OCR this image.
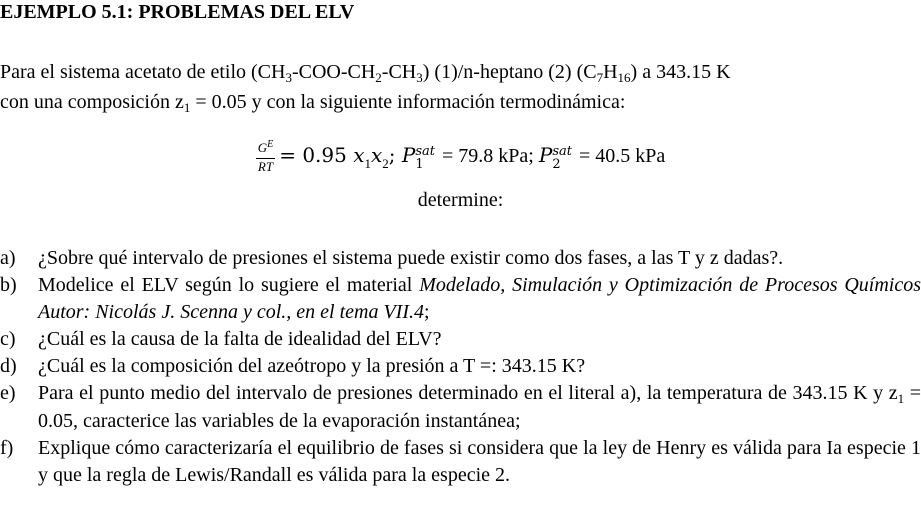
EJEMPLO 5.1: PROBLEMAS DEL ELV
Para el sistema acetato de etilo $(CH_3-COO-CH_2-CH_3)$ (1)/n-heptano (2) $(C_7H_{16})$ a 343.15 K
con una composición $z_1 = 0.05$ y con la siguiente información termodinámica:
$\frac{G^E}{RT} = 0.95$ $x_1x_2$; P sat
1 = 79.8 kPa; P sat
2 = 40.5 kPa
determine:
a) ¿Sobre qué intervalo de presiones el sistema puede existir como dos fases, a las T y z dadas?.
b) Modelice el ELV según lo sugiere el material Modelado, Simulación y Optimización de Procesos Químicos Autor: Nicolás J. Scenna y col., en el tema VII.4;
c) ¿Cuál es la causa de la falta de idealidad del ELV?
d) ¿Cuál es la composición del azeótropo y la presión a T =: 343.15 K?
e) Para el punto medio del intervalo de presiones determinado en el literal a), la temperatura de 343.15 K y $z_1 = 0.05$, caracterice las variables de la evaporación instantánea;
f) Explique cómo caracterizaría el equilibrio de fases si considera que la ley de Henry es válida para Ia especie 1 y que la regla de Lewis/Randall es válida para la especie 2.
